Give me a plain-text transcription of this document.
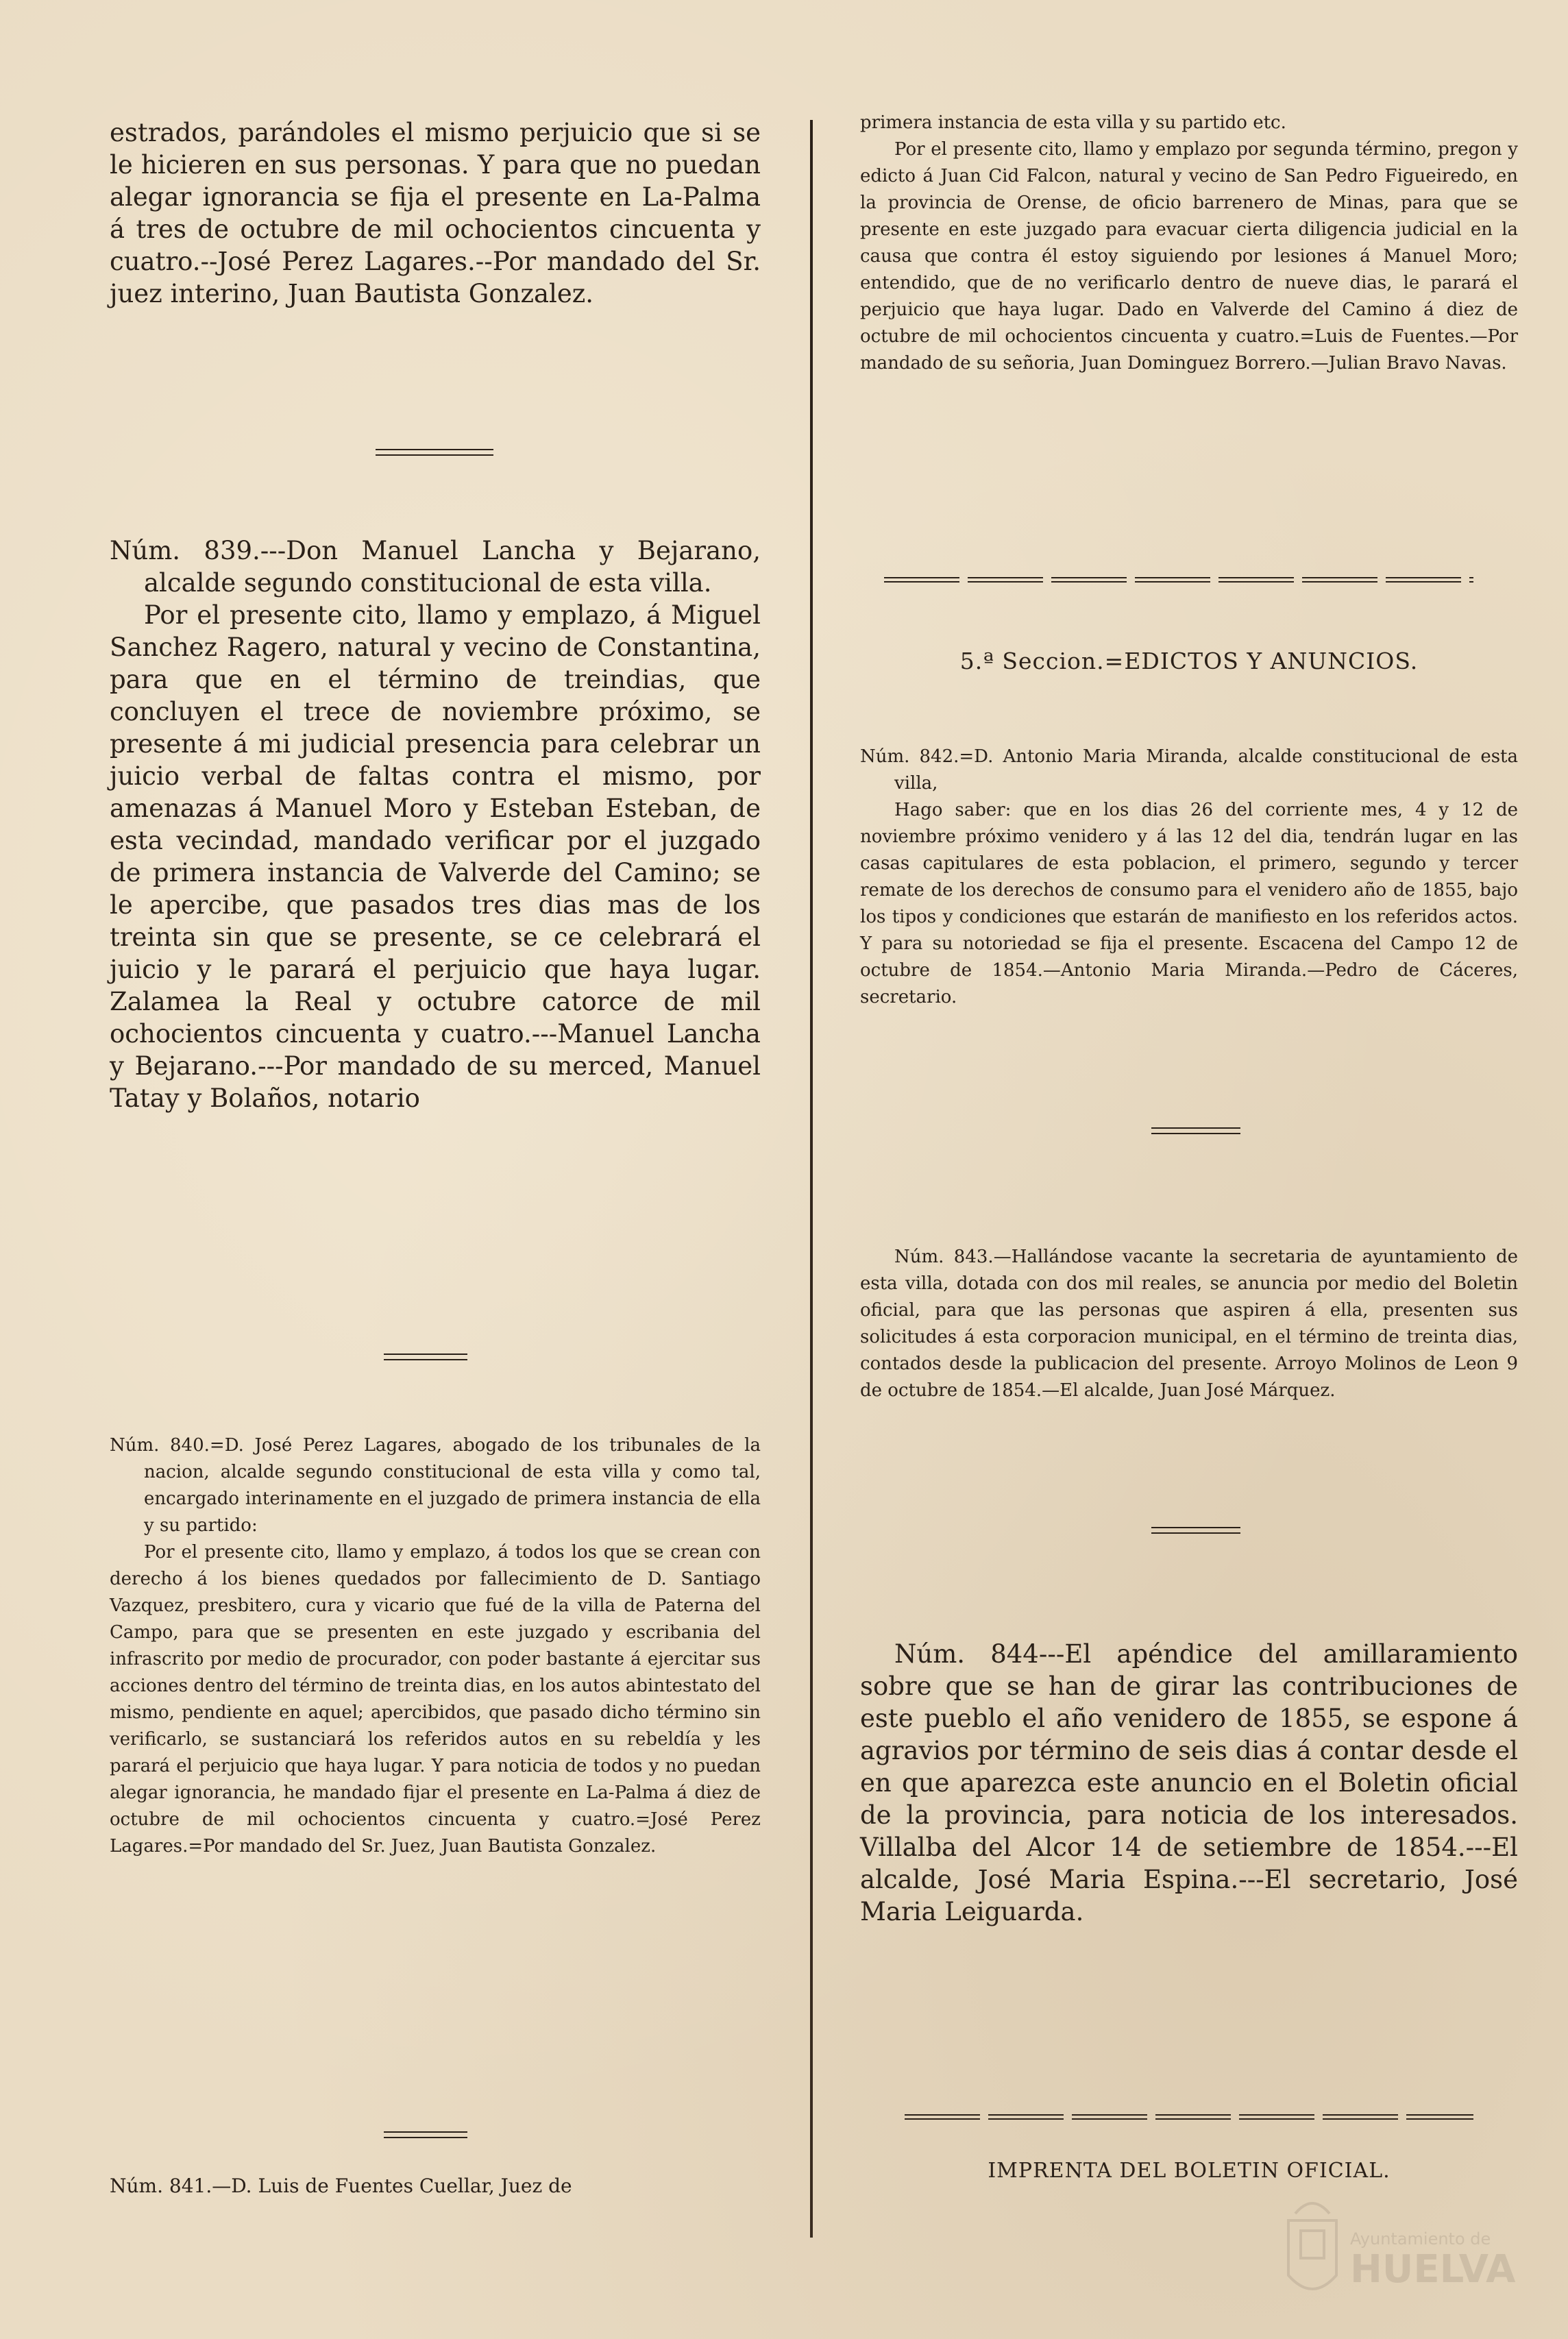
estrados, parándoles el mismo perjuicio que si se le hicieren en sus personas. Y para que no puedan alegar ignorancia se fija el presente en La-Palma á tres de octubre de mil ochocientos cincuenta y cuatro.--José Perez Lagares.--Por mandado del Sr. juez interino, Juan Bautista Gonzalez.

Núm. 839.---Don Manuel Lancha y Bejarano, alcalde segundo constitucional de esta villa.

Por el presente cito, llamo y emplazo, á Miguel Sanchez Ragero, natural y vecino de Constantina, para que en el término de treindias, que concluyen el trece de noviembre próximo, se presente á mi judicial presencia para celebrar un juicio verbal de faltas contra el mismo, por amenazas á Manuel Moro y Esteban Esteban, de esta vecindad, mandado verificar por el juzgado de primera instancia de Valverde del Camino; se le apercibe, que pasados tres dias mas de los treinta sin que se presente, se ce celebrará el juicio y le parará el perjuicio que haya lugar. Zalamea la Real y octubre catorce de mil ochocientos cincuenta y cuatro.---Manuel Lancha y Bejarano.---Por mandado de su merced, Manuel Tatay y Bolaños, notario

Núm. 840.=D. José Perez Lagares, abogado de los tribunales de la nacion, alcalde segundo constitucional de esta villa y como tal, encargado interinamente en el juzgado de primera instancia de ella y su partido:

Por el presente cito, llamo y emplazo, á todos los que se crean con derecho á los bienes quedados por fallecimiento de D. Santiago Vazquez, presbitero, cura y vicario que fué de la villa de Paterna del Campo, para que se presenten en este juzgado y escribania del infrascrito por medio de procurador, con poder bastante á ejercitar sus acciones dentro del término de treinta dias, en los autos abintestato del mismo, pendiente en aquel; apercibidos, que pasado dicho término sin verificarlo, se sustanciará los referidos autos en su rebeldía y les parará el perjuicio que haya lugar. Y para noticia de todos y no puedan alegar ignorancia, he mandado fijar el presente en La-Palma á diez de octubre de mil ochocientos cincuenta y cuatro.=José Perez Lagares.=Por mandado del Sr. Juez, Juan Bautista Gonzalez.

Núm. 841.—D. Luis de Fuentes Cuellar, Juez de

primera instancia de esta villa y su partido etc.

Por el presente cito, llamo y emplazo por segunda término, pregon y edicto á Juan Cid Falcon, natural y vecino de San Pedro Figueiredo, en la provincia de Orense, de oficio barrenero de Minas, para que se presente en este juzgado para evacuar cierta diligencia judicial en la causa que contra él estoy siguiendo por lesiones á Manuel Moro; entendido, que de no verificarlo dentro de nueve dias, le parará el perjuicio que haya lugar. Dado en Valverde del Camino á diez de octubre de mil ochocientos cincuenta y cuatro.=Luis de Fuentes.—Por mandado de su señoria, Juan Dominguez Borrero.—Julian Bravo Navas.

5.ª Seccion.=EDICTOS Y ANUNCIOS.

Núm. 842.=D. Antonio Maria Miranda, alcalde constitucional de esta villa,

Hago saber: que en los dias 26 del corriente mes, 4 y 12 de noviembre próximo venidero y á las 12 del dia, tendrán lugar en las casas capitulares de esta poblacion, el primero, segundo y tercer remate de los derechos de consumo para el venidero año de 1855, bajo los tipos y condiciones que estarán de manifiesto en los referidos actos. Y para su notoriedad se fija el presente. Escacena del Campo 12 de octubre de 1854.—Antonio Maria Miranda.—Pedro de Cáceres, secretario.

Núm. 843.—Hallándose vacante la secretaria de ayuntamiento de esta villa, dotada con dos mil reales, se anuncia por medio del Boletin oficial, para que las personas que aspiren á ella, presenten sus solicitudes á esta corporacion municipal, en el término de treinta dias, contados desde la publicacion del presente. Arroyo Molinos de Leon 9 de octubre de 1854.—El alcalde, Juan José Márquez.

Núm. 844---El apéndice del amillaramiento sobre que se han de girar las contribuciones de este pueblo el año venidero de 1855, se espone á agravios por término de seis dias á contar desde el en que aparezca este anuncio en el Boletin oficial de la provincia, para noticia de los interesados. Villalba del Alcor 14 de setiembre de 1854.---El alcalde, José Maria Espina.---El secretario, José Maria Leiguarda.

IMPRENTA DEL BOLETIN OFICIAL.
Ayuntamiento de
HUELVA
